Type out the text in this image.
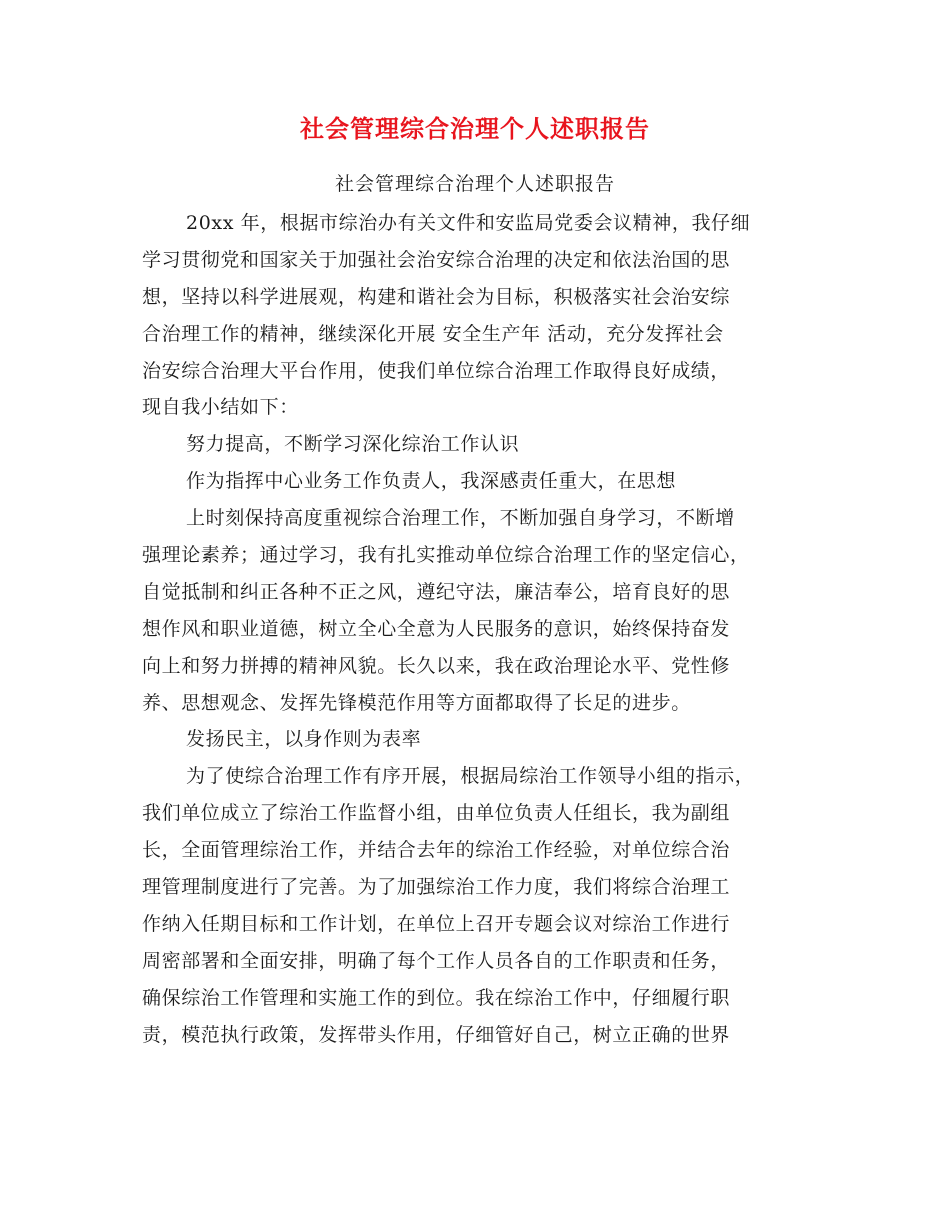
社会管理综合治理个人述职报告
社会管理综合治理个人述职报告
20xx 年，根据市综治办有关文件和安监局党委会议精神，我仔细
学习贯彻党和国家关于加强社会治安综合治理的决定和依法治国的思
想，坚持以科学进展观，构建和谐社会为目标，积极落实社会治安综
合治理工作的精神，继续深化开展 安全生产年 活动，充分发挥社会
治安综合治理大平台作用，使我们单位综合治理工作取得良好成绩，
现自我小结如下：
努力提高，不断学习深化综治工作认识
作为指挥中心业务工作负责人，我深感责任重大，在思想
上时刻保持高度重视综合治理工作，不断加强自身学习，不断增
强理论素养；通过学习，我有扎实推动单位综合治理工作的坚定信心，
自觉抵制和纠正各种不正之风，遵纪守法，廉洁奉公，培育良好的思
想作风和职业道德，树立全心全意为人民服务的意识，始终保持奋发
向上和努力拼搏的精神风貌。长久以来，我在政治理论水平、党性修
养、思想观念、发挥先锋模范作用等方面都取得了长足的进步。
发扬民主，以身作则为表率
为了使综合治理工作有序开展，根据局综治工作领导小组的指示，
我们单位成立了综治工作监督小组，由单位负责人任组长，我为副组
长，全面管理综治工作，并结合去年的综治工作经验，对单位综合治
理管理制度进行了完善。为了加强综治工作力度，我们将综合治理工
作纳入任期目标和工作计划，在单位上召开专题会议对综治工作进行
周密部署和全面安排，明确了每个工作人员各自的工作职责和任务，
确保综治工作管理和实施工作的到位。我在综治工作中，仔细履行职
责，模范执行政策，发挥带头作用，仔细管好自己，树立正确的世界
